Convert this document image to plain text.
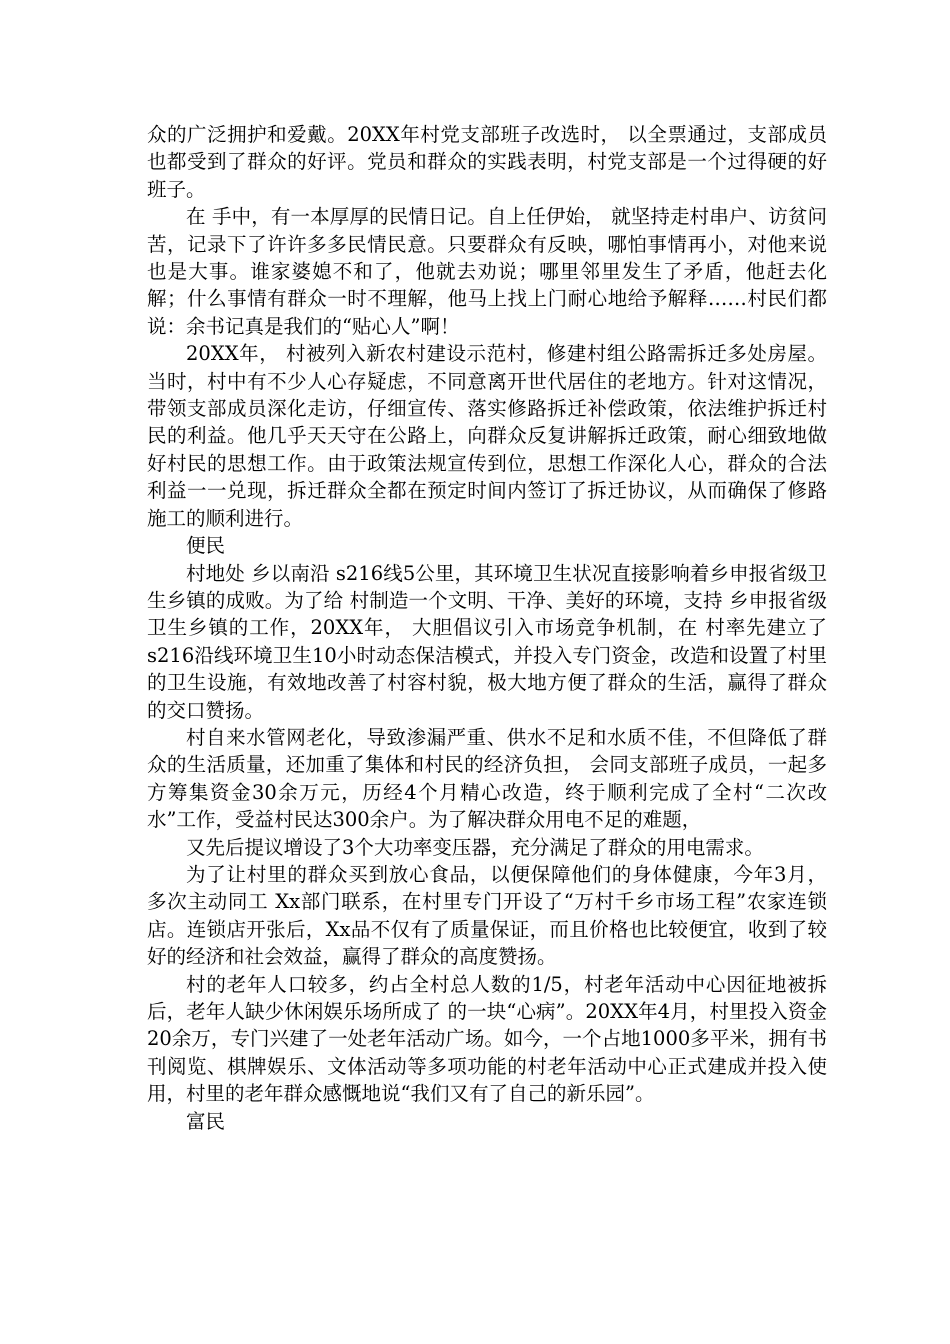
众的广泛拥护和爱戴。20XX年村党支部班子改选时， 以全票通过，支部成员也都受到了群众的好评。党员和群众的实践表明，村党支部是一个过得硬的好班子。

在 手中，有一本厚厚的民情日记。自上任伊始， 就坚持走村串户、访贫问苦，记录下了许许多多民情民意。只要群众有反映，哪怕事情再小，对他来说也是大事。谁家婆媳不和了，他就去劝说；哪里邻里发生了矛盾，他赶去化解；什么事情有群众一时不理解，他马上找上门耐心地给予解释……村民们都说：余书记真是我们的“贴心人”啊！

20XX年， 村被列入新农村建设示范村，修建村组公路需拆迁多处房屋。当时，村中有不少人心存疑虑，不同意离开世代居住的老地方。针对这情况， 带领支部成员深化走访，仔细宣传、落实修路拆迁补偿政策，依法维护拆迁村民的利益。他几乎天天守在公路上，向群众反复讲解拆迁政策，耐心细致地做好村民的思想工作。由于政策法规宣传到位，思想工作深化人心，群众的合法利益一一兑现，拆迁群众全都在预定时间内签订了拆迁协议，从而确保了修路施工的顺利进行。

便民

村地处 乡以南沿 s216线5公里，其环境卫生状况直接影响着乡申报省级卫生乡镇的成败。为了给 村制造一个文明、干净、美好的环境，支持 乡申报省级卫生乡镇的工作，20XX年， 大胆倡议引入市场竞争机制，在 村率先建立了 s216沿线环境卫生10小时动态保洁模式，并投入专门资金，改造和设置了村里的卫生设施，有效地改善了村容村貌，极大地方便了群众的生活，赢得了群众的交口赞扬。

村自来水管网老化，导致渗漏严重、供水不足和水质不佳，不但降低了群众的生活质量，还加重了集体和村民的经济负担， 会同支部班子成员，一起多方筹集资金30余万元，历经4个月精心改造，终于顺利完成了全村“二次改水”工作，受益村民达300余户。为了解决群众用电不足的难题，

又先后提议增设了3个大功率变压器，充分满足了群众的用电需求。

为了让村里的群众买到放心食品，以便保障他们的身体健康，今年3月， 多次主动同工 Xx部门联系，在村里专门开设了“万村千乡市场工程”农家连锁店。连锁店开张后，Xx品不仅有了质量保证，而且价格也比较便宜，收到了较好的经济和社会效益，赢得了群众的高度赞扬。

村的老年人口较多，约占全村总人数的1/5，村老年活动中心因征地被拆后，老年人缺少休闲娱乐场所成了 的一块“心病”。20XX年4月，村里投入资金20余万，专门兴建了一处老年活动广场。如今，一个占地1000多平米，拥有书刊阅览、棋牌娱乐、文体活动等多项功能的村老年活动中心正式建成并投入使用，村里的老年群众感慨地说“我们又有了自己的新乐园”。

富民
